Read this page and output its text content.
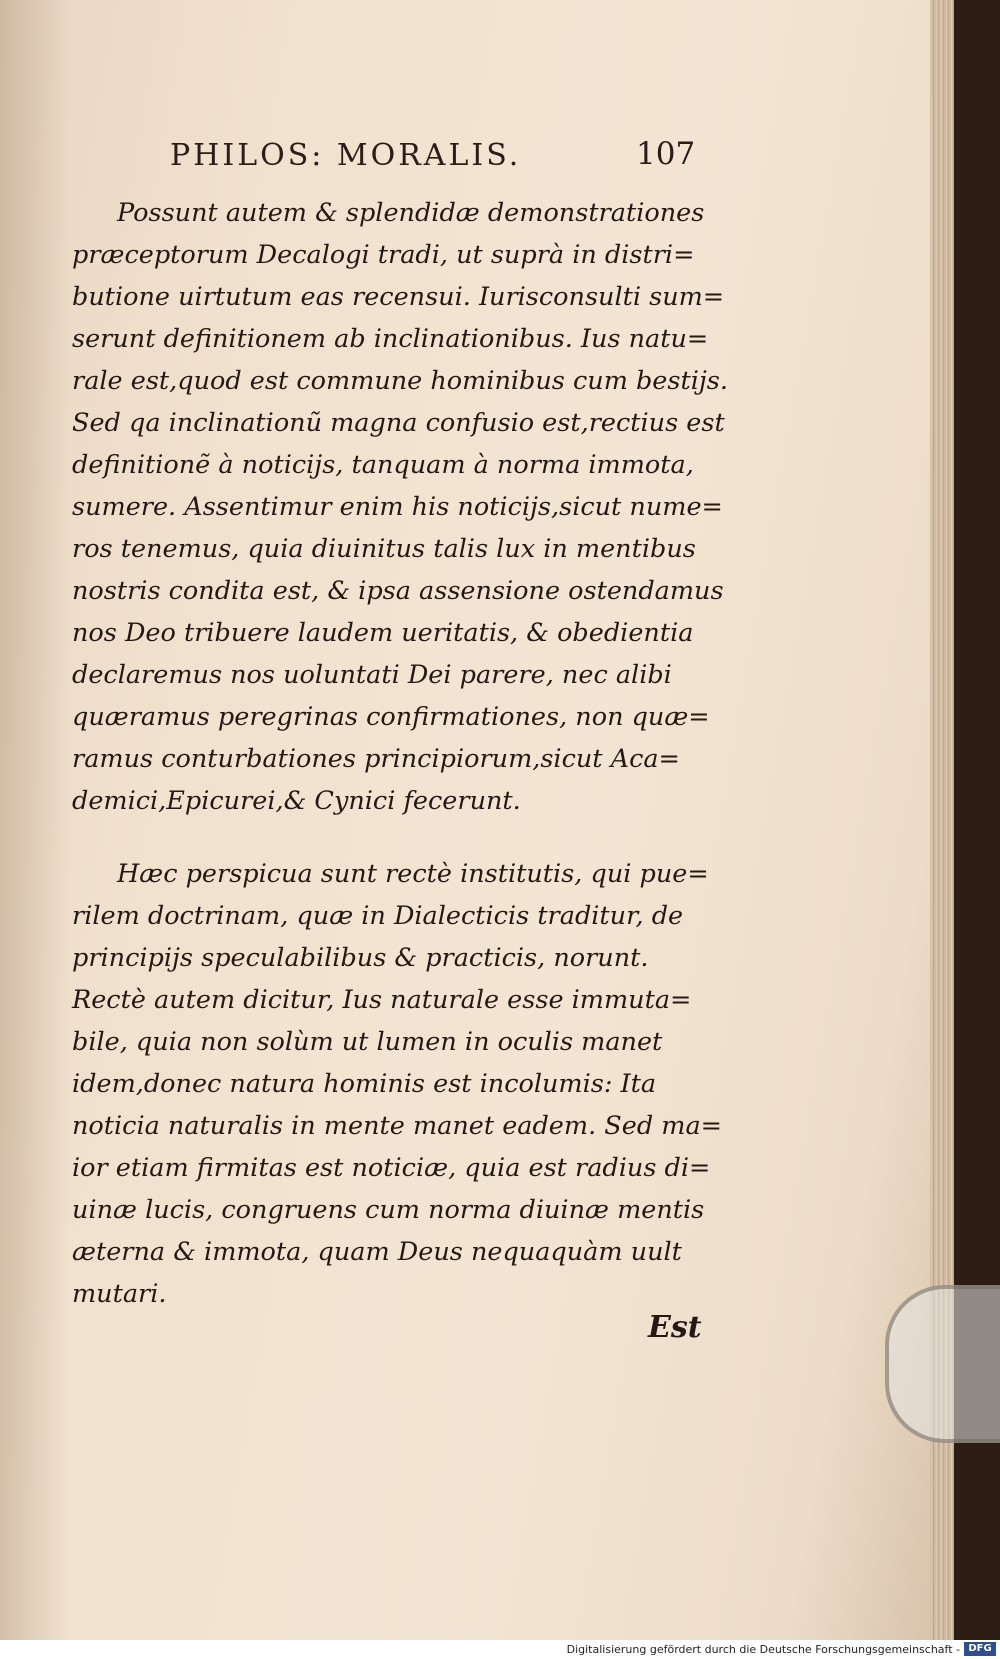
PHILOS: MORALIS.	107
Possunt autem & splendidæ demonstrationes
præceptorum Decalogi tradi, ut suprà in distri=
butione uirtutum eas recensui. Iurisconsulti sum=
serunt definitionem ab inclinationibus. Ius natu=
rale est,quod est commune hominibus cum bestijs.
Sed qa inclinationũ magna confusio est,rectius est
definitionẽ à noticijs, tanquam à norma immota,
sumere. Assentimur enim his noticijs,sicut nume=
ros tenemus, quia diuinitus talis lux in mentibus
nostris condita est, & ipsa assensione ostendamus
nos Deo tribuere laudem ueritatis, & obedientia
declaremus nos uoluntati Dei parere, nec alibi
quæramus peregrinas confirmationes, non quæ=
ramus conturbationes principiorum,sicut Aca=
demici,Epicurei,& Cynici fecerunt.
Hæc perspicua sunt rectè institutis, qui pue=
rilem doctrinam, quæ in Dialecticis traditur, de
principijs speculabilibus & practicis, norunt.
Rectè autem dicitur, Ius naturale esse immuta=
bile, quia non solùm ut lumen in oculis manet
idem,donec natura hominis est incolumis: Ita
noticia naturalis in mente manet eadem. Sed ma=
ior etiam firmitas est noticiæ, quia est radius di=
uinæ lucis, congruens cum norma diuinæ mentis
æterna & immota, quam Deus nequaquàm uult
mutari.
Est
Digitalisierung gefördert durch die Deutsche Forschungsgemeinschaft - DFG
